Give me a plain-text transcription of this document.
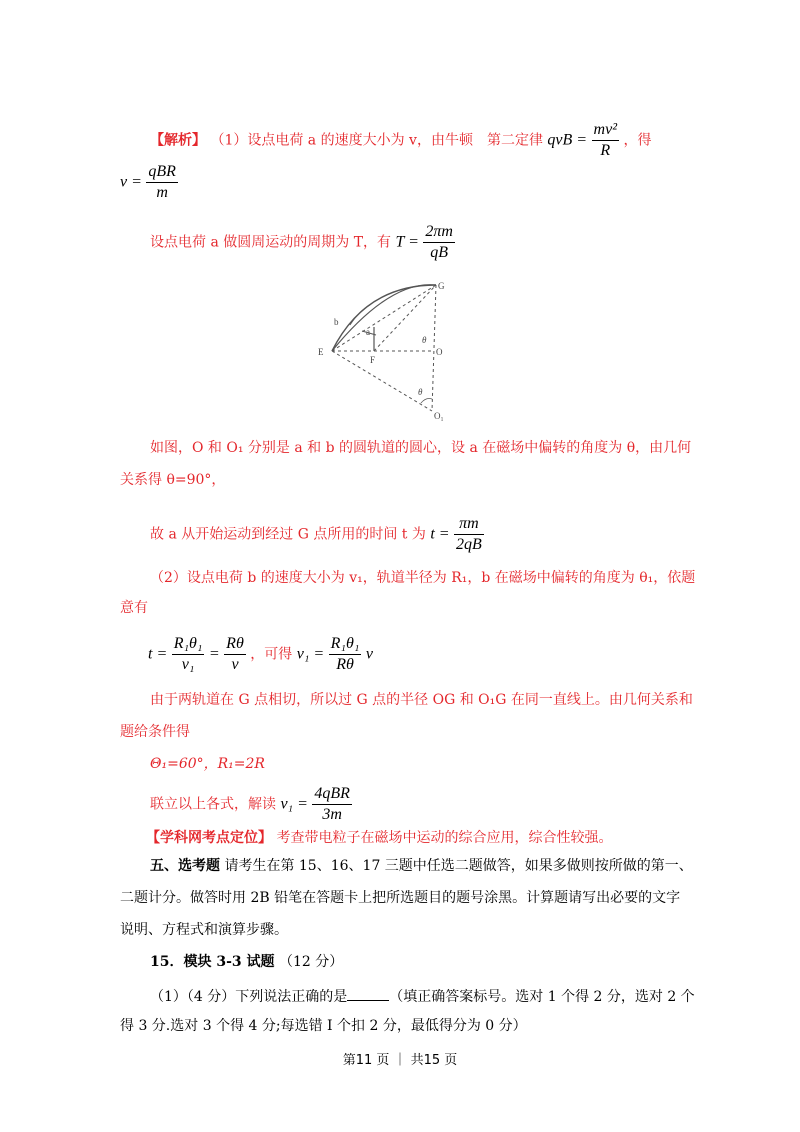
【解析】 （1）设点电荷 a 的速度大小为 v，由牛顿　第二定律 qvB = $\frac{\text{mv²}}{R}$ ，得
$v = \frac{\text{qBR}}{m}$
设点电荷 a 做圆周运动的周期为 T，有 $T = \frac{2\pi m}{qB}$
G
b
a
E
F
O
θ
θ
O₁
如图，O 和 O₁ 分别是 a 和 b 的圆轨道的圆心，设 a 在磁场中偏转的角度为 θ，由几何
关系得 θ=90°，
故 a 从开始运动到经过 G 点所用的时间 t 为 $t = \frac{\pi m}{2qB}$
（2）设点电荷 b 的速度大小为 v₁，轨道半径为 R₁，b 在磁场中偏转的角度为 θ₁，依题
意有
$t = \frac{\text{R₁θ₁}}{\text{v₁}} = \frac{R\theta}{v}$ ，可得 $v_1 = \frac{\text{R₁θ₁}}{R\theta}$ v
由于两轨道在 G 点相切，所以过 G 点的半径 OG 和 O₁G 在同一直线上。由几何关系和
题给条件得
Θ₁=60°，R₁=2R
联立以上各式，解读 $v_1 = \frac{\text{4qBR}}{3m}$
【学科网考点定位】 考查带电粒子在磁场中运动的综合应用，综合性较强。
五、选考题 请考生在第 15、16、17 三题中任选二题做答，如果多做则按所做的第一、
二题计分。做答时用 2B 铅笔在答题卡上把所选题目的题号涂黑。计算题请写出必要的文字
说明、方程式和演算步骤。
15．模块 3-3 试题 （12 分）
（1）（4 分）下列说法正确的是	（填正确答案标号。选对 1 个得 2 分，选对 2 个
得 3 分.选对 3 个得 4 分;每选错 I 个扣 2 分，最低得分为 0 分）
第11 页 ｜ 共15 页
